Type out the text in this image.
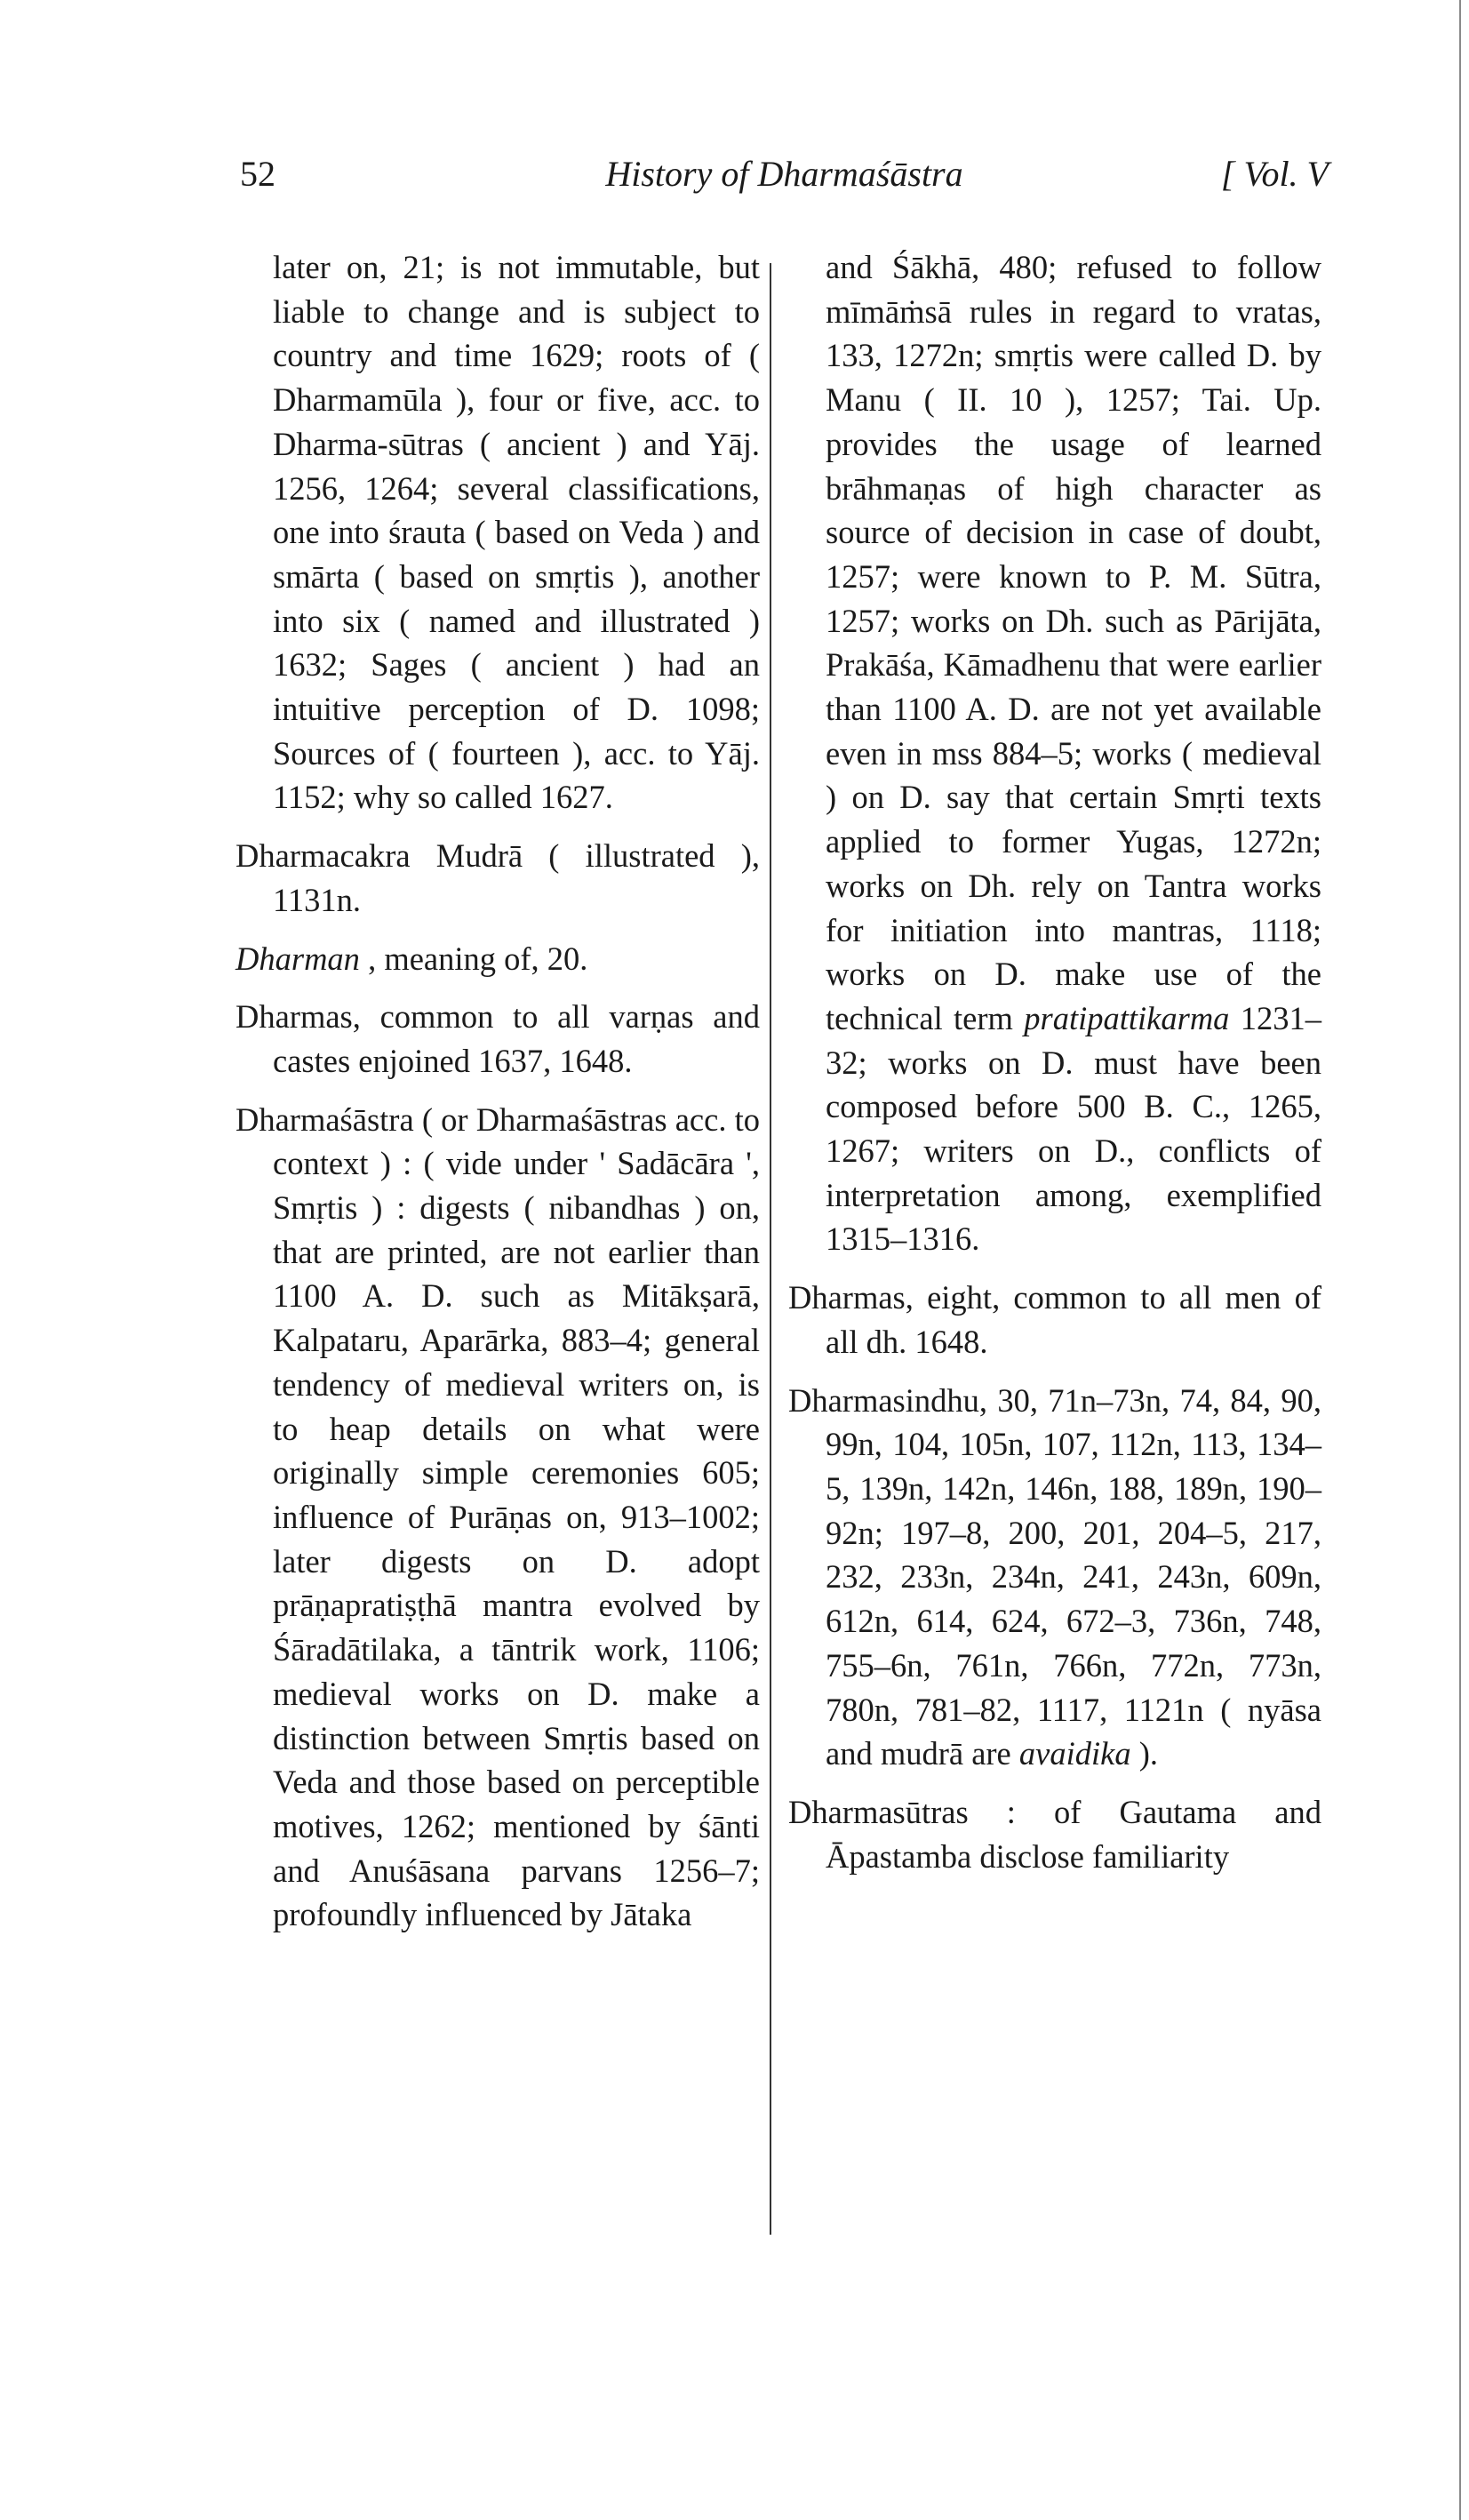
52	History of Dharmaśāstra	[ Vol. V

later on, 21; is not immutable, but liable to change and is subject to country and time 1629; roots of ( Dharmamūla ), four or five, acc. to Dharma-sūtras ( ancient ) and Yāj. 1256, 1264; several classifications, one into śrauta ( based on Veda ) and smārta ( based on smṛtis ), another into six ( named and illustrated ) 1632; Sages ( ancient ) had an intuitive perception of D. 1098; Sources of ( fourteen ), acc. to Yāj. 1152; why so called 1627.

Dharmacakra Mudrā ( illustrated ), 1131n.

Dharman , meaning of, 20.

Dharmas, common to all varṇas and castes enjoined 1637, 1648.

Dharmaśāstra ( or Dharmaśāstras acc. to context ) : ( vide under ' Sadācāra ', Smṛtis ) : digests ( nibandhas ) on, that are printed, are not earlier than 1100 A. D. such as Mitākṣarā, Kalpataru, Aparārka, 883–4; general tendency of medieval writers on, is to heap details on what were originally simple ceremonies 605; influence of Purāṇas on, 913–1002; later digests on D. adopt prāṇapratiṣṭhā mantra evolved by Śāradātilaka, a tāntrik work, 1106; medieval works on D. make a distinction between Smṛtis based on Veda and those based on perceptible motives, 1262; mentioned by śānti and Anuśāsana parvans 1256–7; profoundly influenced by Jātaka

and Śākhā, 480; refused to follow mīmāṁsā rules in regard to vratas, 133, 1272n; smṛtis were called D. by Manu ( II. 10 ), 1257; Tai. Up. provides the usage of learned brāhmaṇas of high character as source of decision in case of doubt, 1257; were known to P. M. Sūtra, 1257; works on Dh. such as Pārijāta, Prakāśa, Kāmadhenu that were earlier than 1100 A. D. are not yet available even in mss 884–5; works ( medieval ) on D. say that certain Smṛti texts applied to former Yugas, 1272n; works on Dh. rely on Tantra works for initiation into mantras, 1118; works on D. make use of the technical term pratipattikarma 1231–32; works on D. must have been composed before 500 B. C., 1265, 1267; writers on D., conflicts of interpretation among, exemplified 1315–1316.

Dharmas, eight, common to all men of all dh. 1648.

Dharmasindhu, 30, 71n–73n, 74, 84, 90, 99n, 104, 105n, 107, 112n, 113, 134–5, 139n, 142n, 146n, 188, 189n, 190–92n; 197–8, 200, 201, 204–5, 217, 232, 233n, 234n, 241, 243n, 609n, 612n, 614, 624, 672–3, 736n, 748, 755–6n, 761n, 766n, 772n, 773n, 780n, 781–82, 1117, 1121n ( nyāsa and mudrā are avaidika ).

Dharmasūtras : of Gautama and Āpastamba disclose familiarity
